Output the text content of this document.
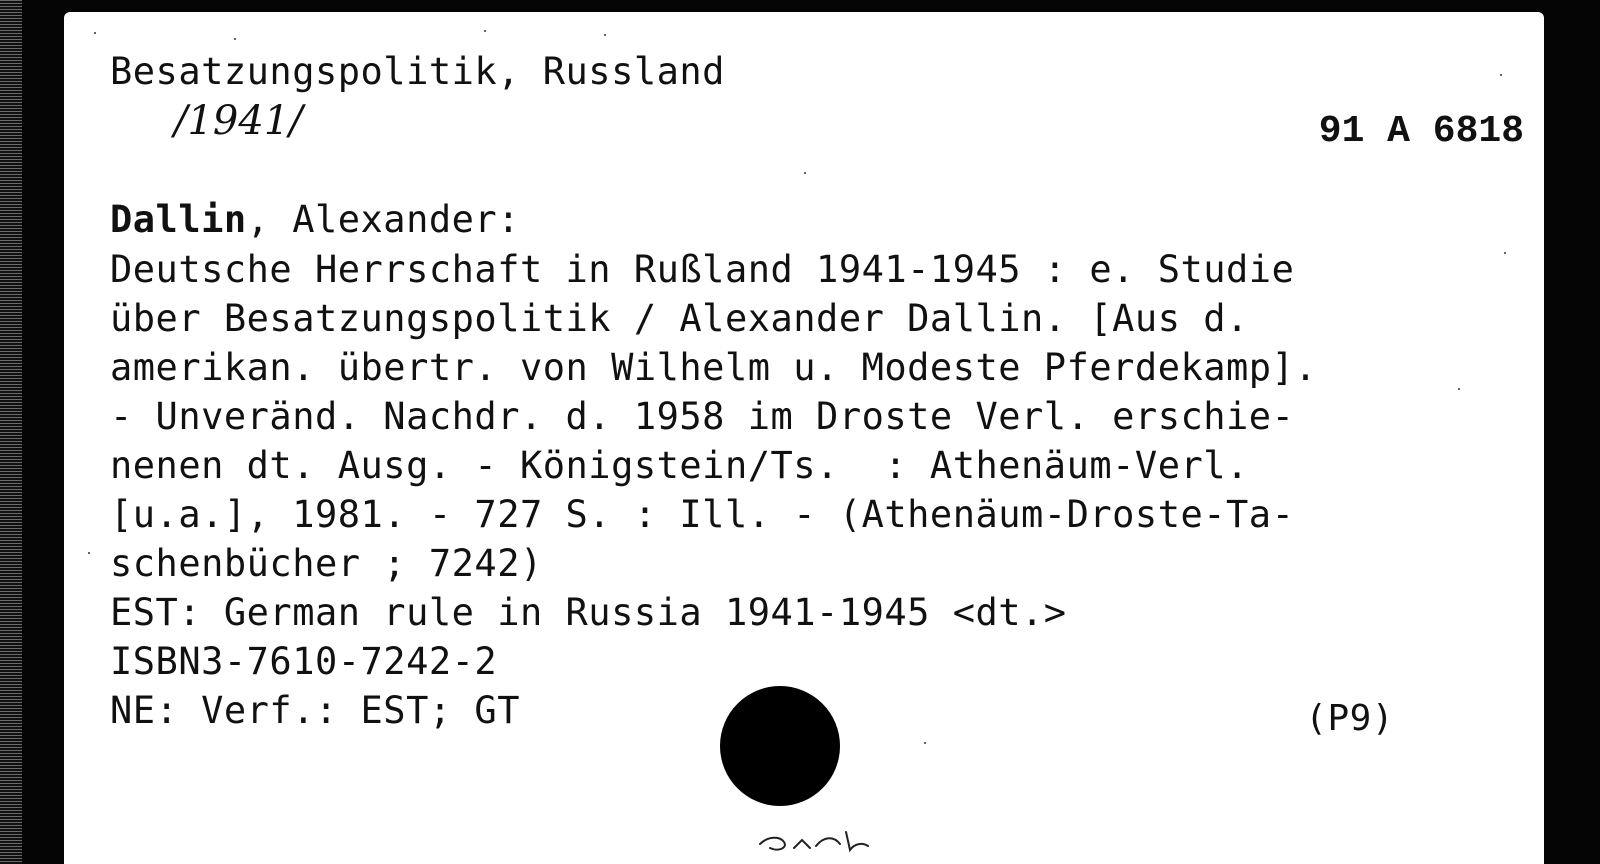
Besatzungspolitik, Russland
/1941/	91 A 6818
Dallin, Alexander:
Deutsche Herrschaft in Rußland 1941-1945 : e. Studie
über Besatzungspolitik / Alexander Dallin. [Aus d.
amerikan. übertr. von Wilhelm u. Modeste Pferdekamp].
- Unveränd. Nachdr. d. 1958 im Droste Verl. erschie-
nenen dt. Ausg. - Königstein/Ts.  : Athenäum-Verl.
[u.a.], 1981. - 727 S. : Ill. - (Athenäum-Droste-Ta-
schenbücher ; 7242)
EST: German rule in Russia 1941-1945 <dt.>
ISBN3-7610-7242-2
NE: Verf.: EST; GT	(P9)
